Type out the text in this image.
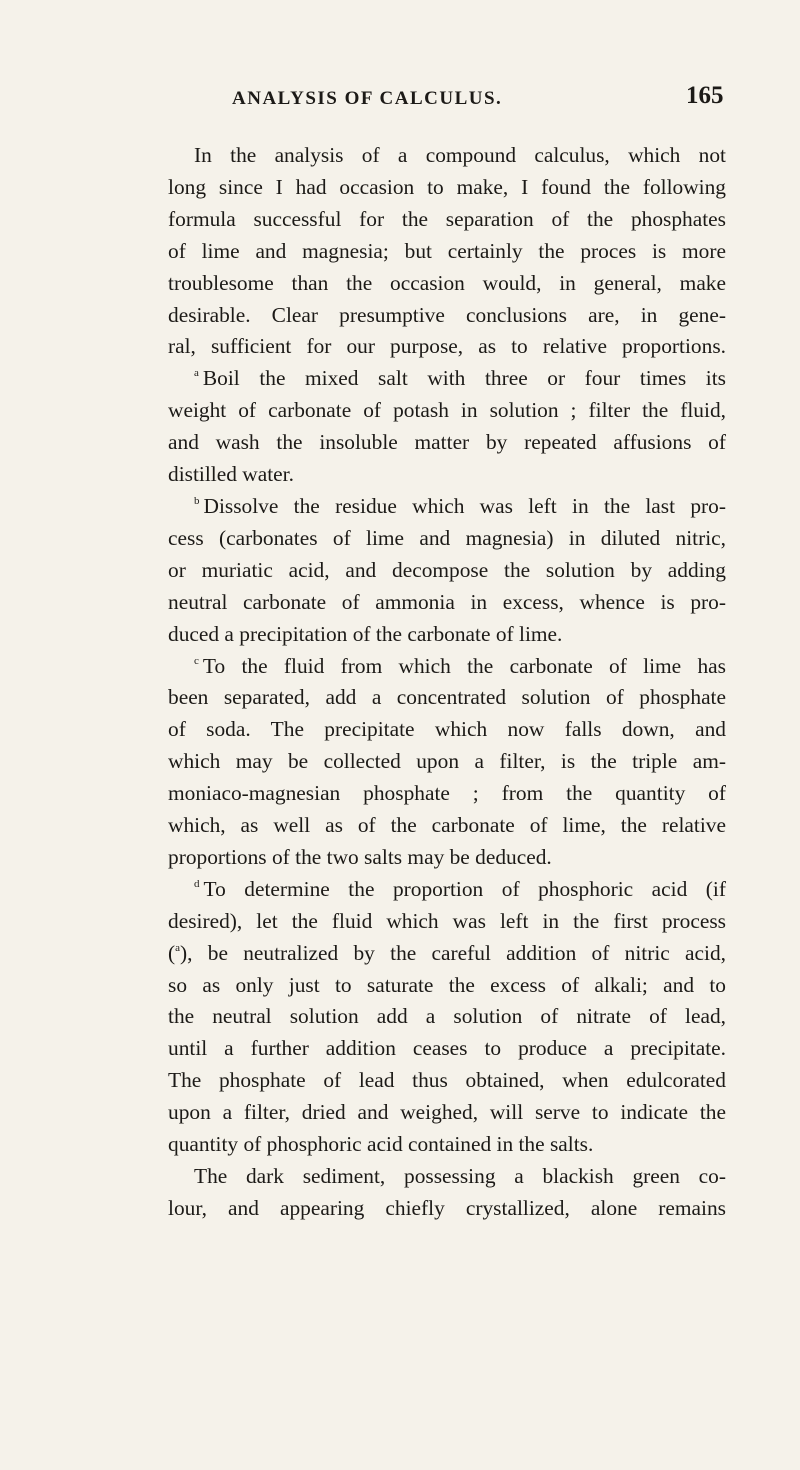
ANALYSIS OF CALCULUS.	165
In the analysis of a compound calculus, which not
long since I had occasion to make, I found the following
formula successful for the separation of the phosphates
of lime and magnesia; but certainly the proces is more
troublesome than the occasion would, in general, make
desirable. Clear presumptive conclusions are, in gene-
ral, sufficient for our purpose, as to relative proportions.
$^a$ Boil the mixed salt with three or four times its
weight of carbonate of potash in solution ; filter the fluid,
and wash the insoluble matter by repeated affusions of
distilled water.
$^b$ Dissolve the residue which was left in the last pro-
cess (carbonates of lime and magnesia) in diluted nitric,
or muriatic acid, and decompose the solution by adding
neutral carbonate of ammonia in excess, whence is pro-
duced a precipitation of the carbonate of lime.
$^c$ To the fluid from which the carbonate of lime has
been separated, add a concentrated solution of phosphate
of soda. The precipitate which now falls down, and
which may be collected upon a filter, is the triple am-
moniaco-magnesian phosphate ; from the quantity of
which, as well as of the carbonate of lime, the relative
proportions of the two salts may be deduced.
$^d$ To determine the proportion of phosphoric acid (if
desired), let the fluid which was left in the first process
($^a$), be neutralized by the careful addition of nitric acid,
so as only just to saturate the excess of alkali; and to
the neutral solution add a solution of nitrate of lead,
until a further addition ceases to produce a precipitate.
The phosphate of lead thus obtained, when edulcorated
upon a filter, dried and weighed, will serve to indicate the
quantity of phosphoric acid contained in the salts.
The dark sediment, possessing a blackish green co-
lour, and appearing chiefly crystallized, alone remains
